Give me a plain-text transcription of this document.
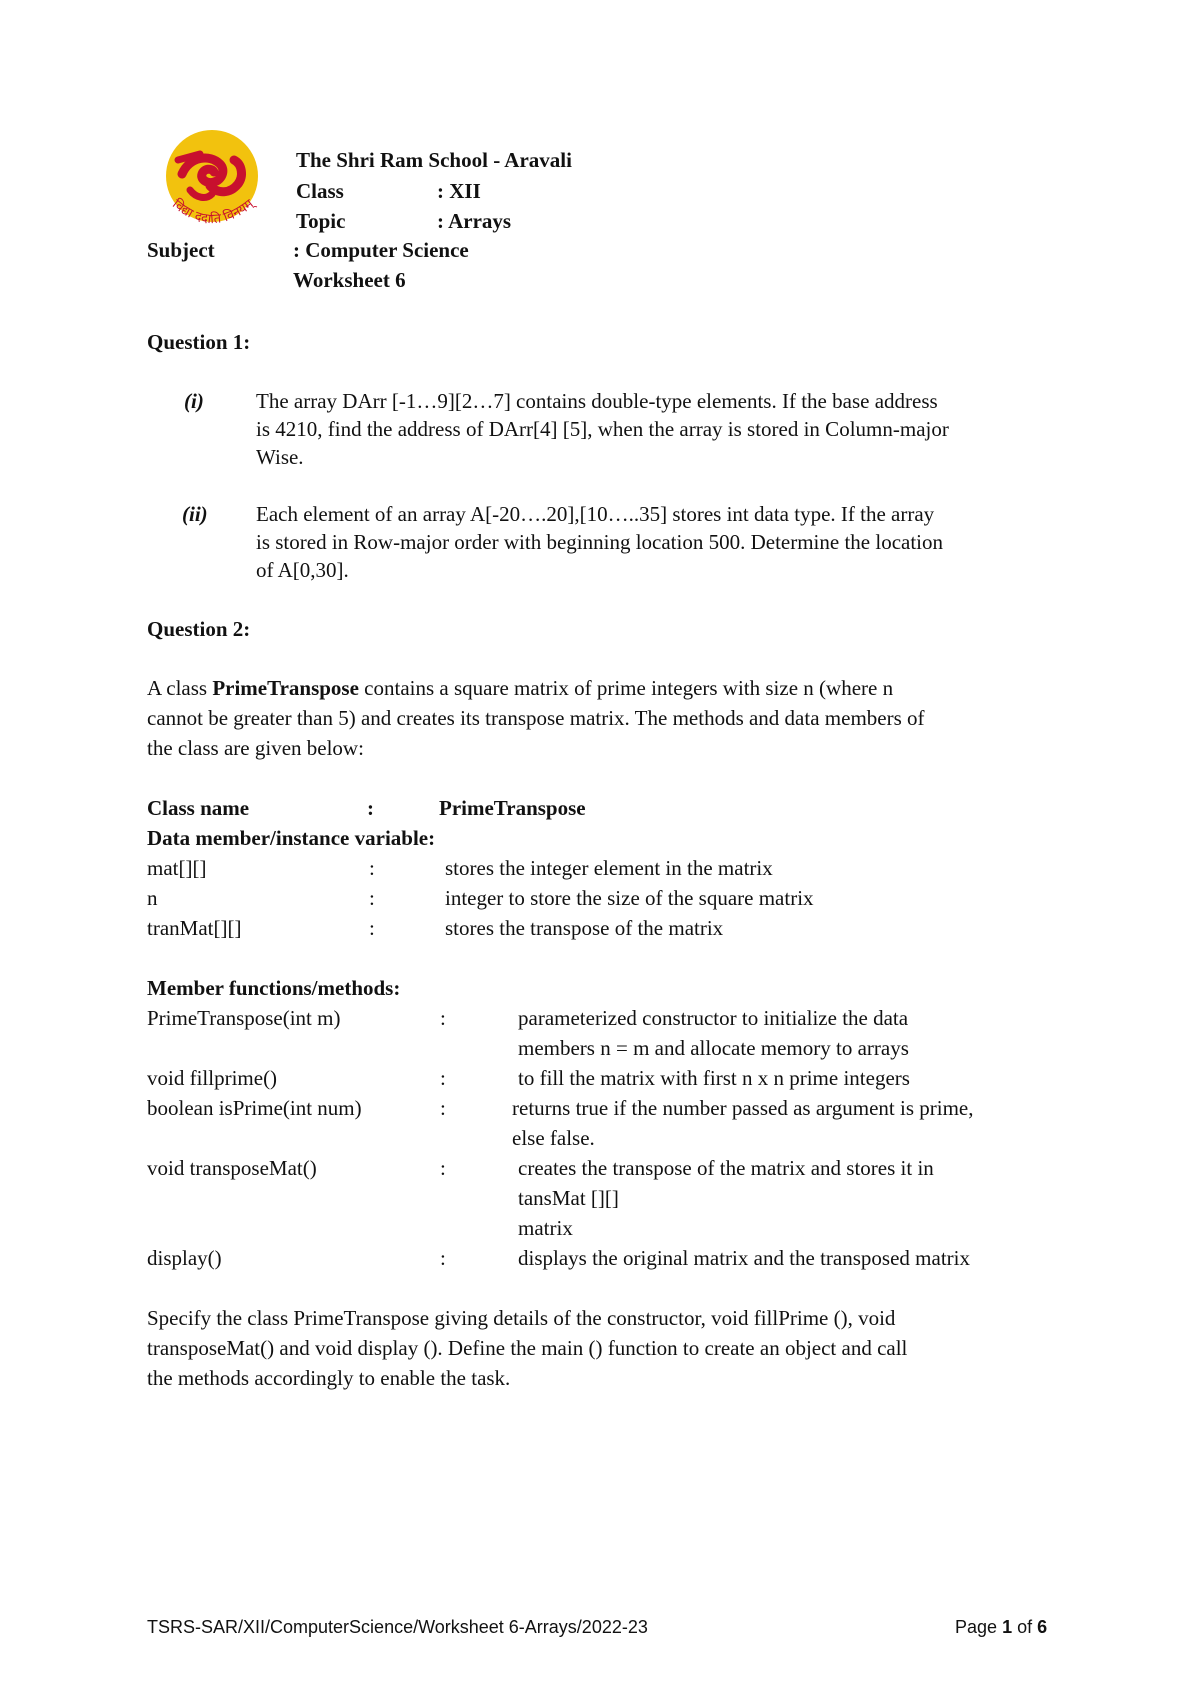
विद्या ददाति विनयम्
The Shri Ram School - Aravali
Class	: XII
Topic	: Arrays
Subject	: Computer Science
Worksheet 6
Question 1:
(i) The array DArr [-1…9][2…7] contains double-type elements. If the base address
is 4210, find the address of DArr[4] [5], when the array is stored in Column-major
Wise.
(ii) Each element of an array A[-20….20],[10…..35] stores int data type. If the array
is stored in Row-major order with beginning location 500. Determine the location
of A[0,30].
Question 2:
A class PrimeTranspose contains a square matrix of prime integers with size n (where n
cannot be greater than 5) and creates its transpose matrix. The methods and data members of
the class are given below:
Class name	:	PrimeTranspose
Data member/instance variable:
mat[][]	:	stores the integer element in the matrix
n	:	integer to store the size of the square matrix
tranMat[][]	:	stores the transpose of the matrix
Member functions/methods:
PrimeTranspose(int m)	:	parameterized constructor to initialize the data
members n = m and allocate memory to arrays
void fillprime()	:	to fill the matrix with first n x n prime integers
boolean isPrime(int num)	:	returns true if the number passed as argument is prime,
else false.
void transposeMat()	:	creates the transpose of the matrix and stores it in
tansMat [][]
matrix
display()	:	displays the original matrix and the transposed matrix
Specify the class PrimeTranspose giving details of the constructor, void fillPrime (), void
transposeMat() and void display (). Define the main () function to create an object and call
the methods accordingly to enable the task.
TSRS-SAR/XII/ComputerScience/Worksheet 6-Arrays/2022-23	Page 1 of 6
